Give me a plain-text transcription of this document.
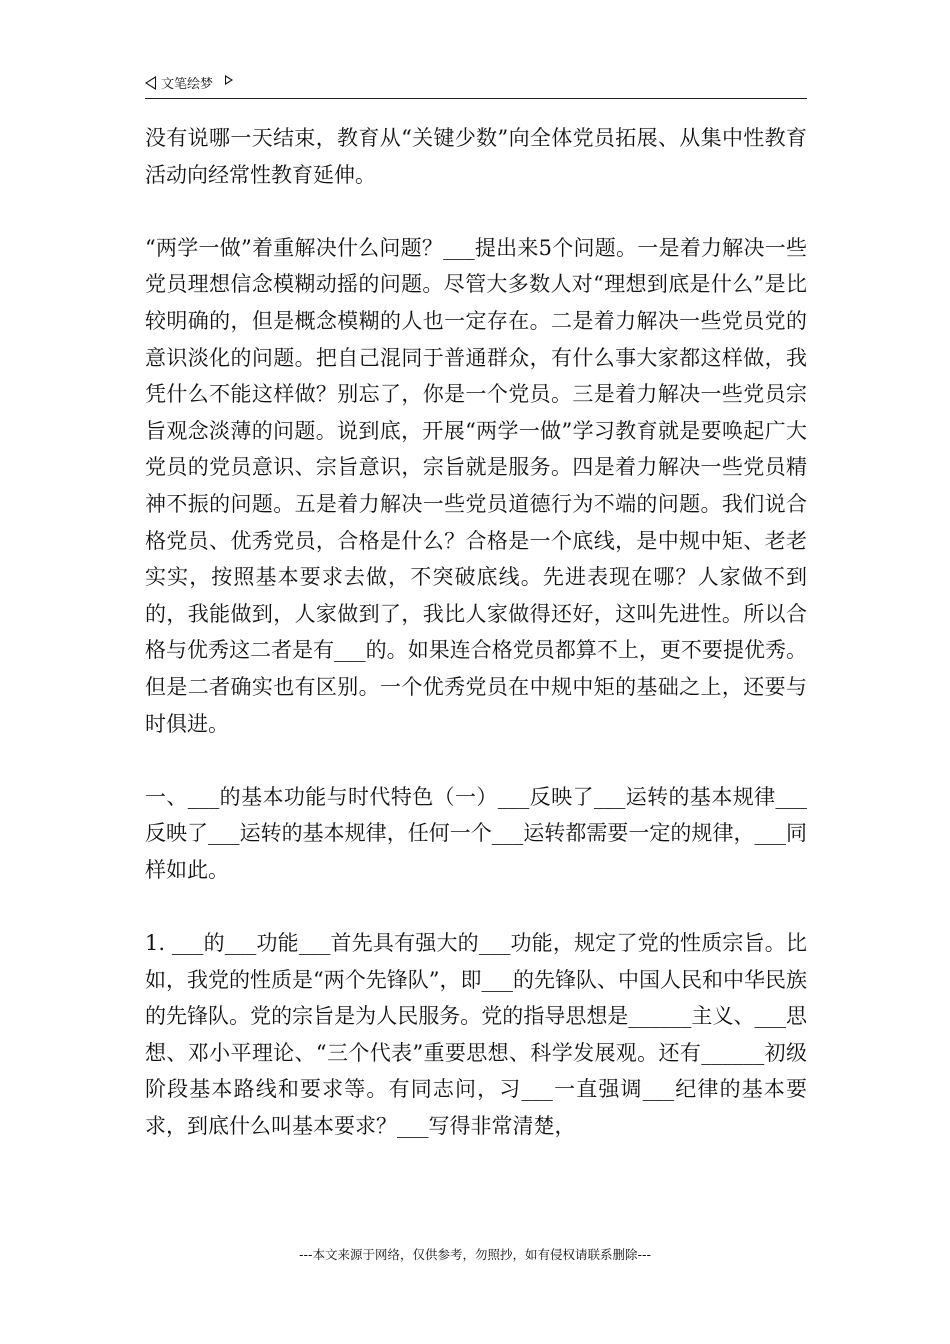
文笔绘梦

没有说哪一天结束，教育从“关键少数”向全体党员拓展、从集中性教育活动向经常性教育延伸。

“两学一做”着重解决什么问题？___提出来5个问题。一是着力解决一些党员理想信念模糊动摇的问题。尽管大多数人对“理想到底是什么”是比较明确的，但是概念模糊的人也一定存在。二是着力解决一些党员党的意识淡化的问题。把自己混同于普通群众，有什么事大家都这样做，我凭什么不能这样做？别忘了，你是一个党员。三是着力解决一些党员宗旨观念淡薄的问题。说到底，开展“两学一做”学习教育就是要唤起广大党员的党员意识、宗旨意识，宗旨就是服务。四是着力解决一些党员精神不振的问题。五是着力解决一些党员道德行为不端的问题。我们说合格党员、优秀党员，合格是什么？合格是一个底线，是中规中矩、老老实实，按照基本要求去做，不突破底线。先进表现在哪？人家做不到的，我能做到，人家做到了，我比人家做得还好，这叫先进性。所以合格与优秀这二者是有___的。如果连合格党员都算不上，更不要提优秀。但是二者确实也有区别。一个优秀党员在中规中矩的基础之上，还要与时俱进。

一、___的基本功能与时代特色（一）___反映了___运转的基本规律___反映了___运转的基本规律，任何一个___运转都需要一定的规律，___同样如此。

1. ___的___功能___首先具有强大的___功能，规定了党的性质宗旨。比如，我党的性质是“两个先锋队”，即___的先锋队、中国人民和中华民族的先锋队。党的宗旨是为人民服务。党的指导思想是______主义、___思想、邓小平理论、“三个代表”重要思想、科学发展观。还有______初级阶段基本路线和要求等。有同志问，习___一直强调___纪律的基本要求，到底什么叫基本要求？___写得非常清楚，

---本文来源于网络，仅供参考，勿照抄，如有侵权请联系删除---
